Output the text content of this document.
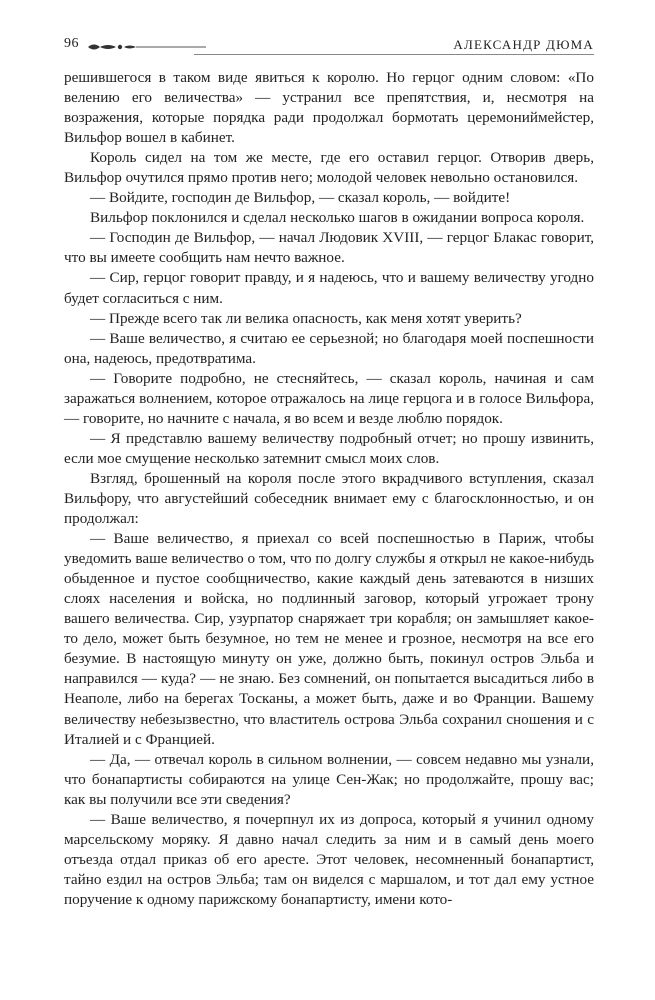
96	АЛЕКСАНДР ДЮМА

решившегося в таком виде явиться к королю. Но герцог одним словом: «По велению его величества» — устранил все препятствия, и, несмотря на возражения, которые порядка ради продолжал бормотать церемониймейстер, Вильфор вошел в кабинет.

Король сидел на том же месте, где его оставил герцог. Отворив дверь, Вильфор очутился прямо против него; молодой человек невольно остановился.

— Войдите, господин де Вильфор, — сказал король, — войдите!

Вильфор поклонился и сделал несколько шагов в ожидании вопроса короля.

— Господин де Вильфор, — начал Людовик XVIII, — герцог Блакас говорит, что вы имеете сообщить нам нечто важное.

— Сир, герцог говорит правду, и я надеюсь, что и вашему величеству угодно будет согласиться с ним.

— Прежде всего так ли велика опасность, как меня хотят уверить?

— Ваше величество, я считаю ее серьезной; но благодаря моей поспешности она, надеюсь, предотвратима.

— Говорите подробно, не стесняйтесь, — сказал король, начиная и сам заражаться волнением, которое отражалось на лице герцога и в голосе Вильфора, — говорите, но начните с начала, я во всем и везде люблю порядок.

— Я представлю вашему величеству подробный отчет; но прошу извинить, если мое смущение несколько затемнит смысл моих слов.

Взгляд, брошенный на короля после этого вкрадчивого вступления, сказал Вильфору, что августейший собеседник внимает ему с благосклонностью, и он продолжал:

— Ваше величество, я приехал со всей поспешностью в Париж, чтобы уведомить ваше величество о том, что по долгу службы я открыл не какое-нибудь обыденное и пустое сообщничество, какие каждый день затеваются в низших слоях населения и войска, но подлинный заговор, который угрожает трону вашего величества. Сир, узурпатор снаряжает три корабля; он замышляет какое-то дело, может быть безумное, но тем не менее и грозное, несмотря на все его безумие. В настоящую минуту он уже, должно быть, покинул остров Эльба и направился — куда? — не знаю. Без сомнений, он попытается высадиться либо в Неаполе, либо на берегах Тосканы, а может быть, даже и во Франции. Вашему величеству небезызвестно, что властитель острова Эльба сохранил сношения и с Италией и с Францией.

— Да, — отвечал король в сильном волнении, — совсем недавно мы узнали, что бонапартисты собираются на улице Сен-Жак; но продолжайте, прошу вас; как вы получили все эти сведения?

— Ваше величество, я почерпнул их из допроса, который я учинил одному марсельскому моряку. Я давно начал следить за ним и в самый день моего отъезда отдал приказ об его аресте. Этот человек, несомненный бонапартист, тайно ездил на остров Эльба; там он виделся с маршалом, и тот дал ему устное поручение к одному парижскому бонапартисту, имени кото-
